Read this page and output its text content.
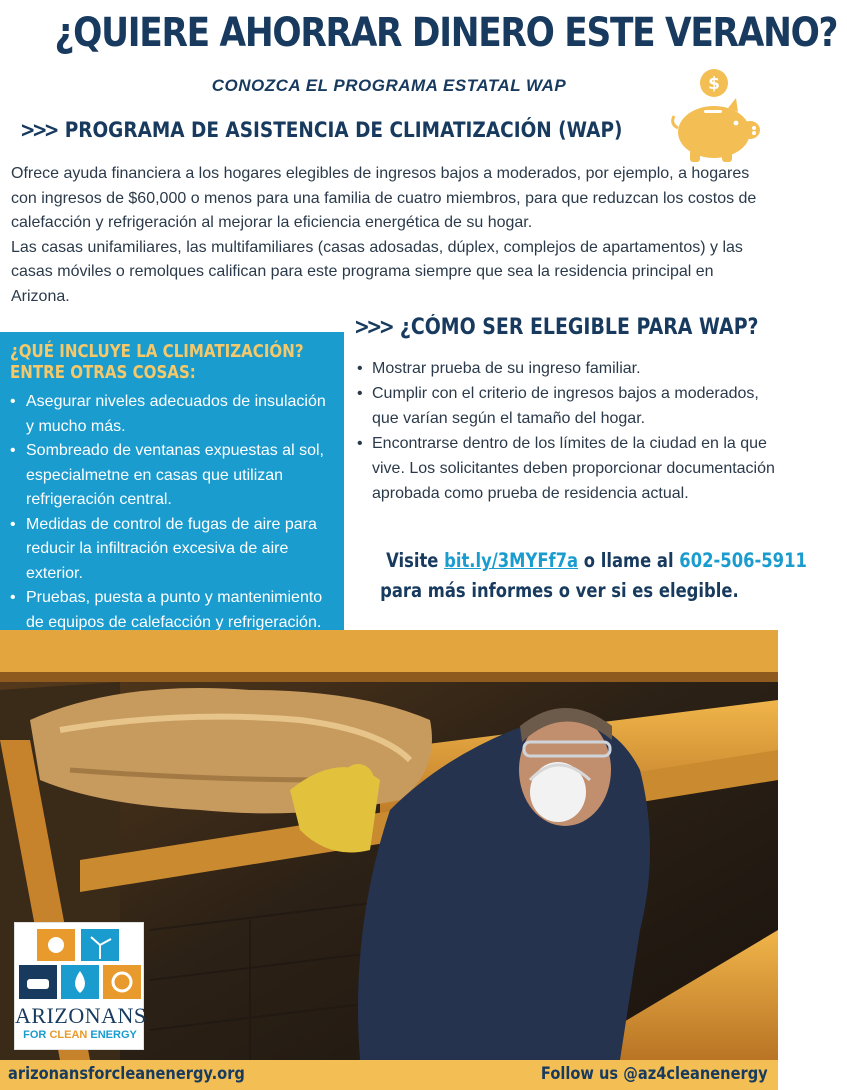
¿QUIERE AHORRAR DINERO ESTE VERANO?
CONOZCA EL PROGRAMA ESTATAL WAP	$
>>> PROGRAMA DE ASISTENCIA DE CLIMATIZACIÓN (WAP)

Ofrece ayuda financiera a los hogares elegibles de ingresos bajos a moderados, por ejemplo, a hogares con ingresos de $60,000 o menos para una familia de cuatro miembros, para que reduzcan los costos de calefacción y refrigeración al mejorar la eficiencia energética de su hogar.

Las casas unifamiliares, las multifamiliares (casas adosadas, dúplex, complejos de apartamentos) y las casas móviles o remolques califican para este programa siempre que sea la residencia principal en Arizona.

¿QUÉ INCLUYE LA CLIMATIZACIÓN?
ENTRE OTRAS COSAS:
• Asegurar niveles adecuados de insulación y mucho más.
• Sombreado de ventanas expuestas al sol, especialmetne en casas que utilizan refrigeración central.
• Medidas de control de fugas de aire para reducir la infiltración excesiva de aire exterior.
• Pruebas, puesta a punto y mantenimiento de equipos de calefacción y refrigeración.
>>> ¿CÓMO SER ELEGIBLE PARA WAP?
• Mostrar prueba de su ingreso familiar.
• Cumplir con el criterio de ingresos bajos a moderados, que varían según el tamaño del hogar.
• Encontrarse dentro de los límites de la ciudad en la que vive. Los solicitantes deben proporcionar documentación aprobada como prueba de residencia actual.
Visite bit.ly/3MYFf7a o llame al 602-506-5911
para más informes o ver si es elegible.
ARIZONANS
FOR CLEAN ENERGY
arizonansforcleanenergy.org	Follow us @az4cleanenergy
